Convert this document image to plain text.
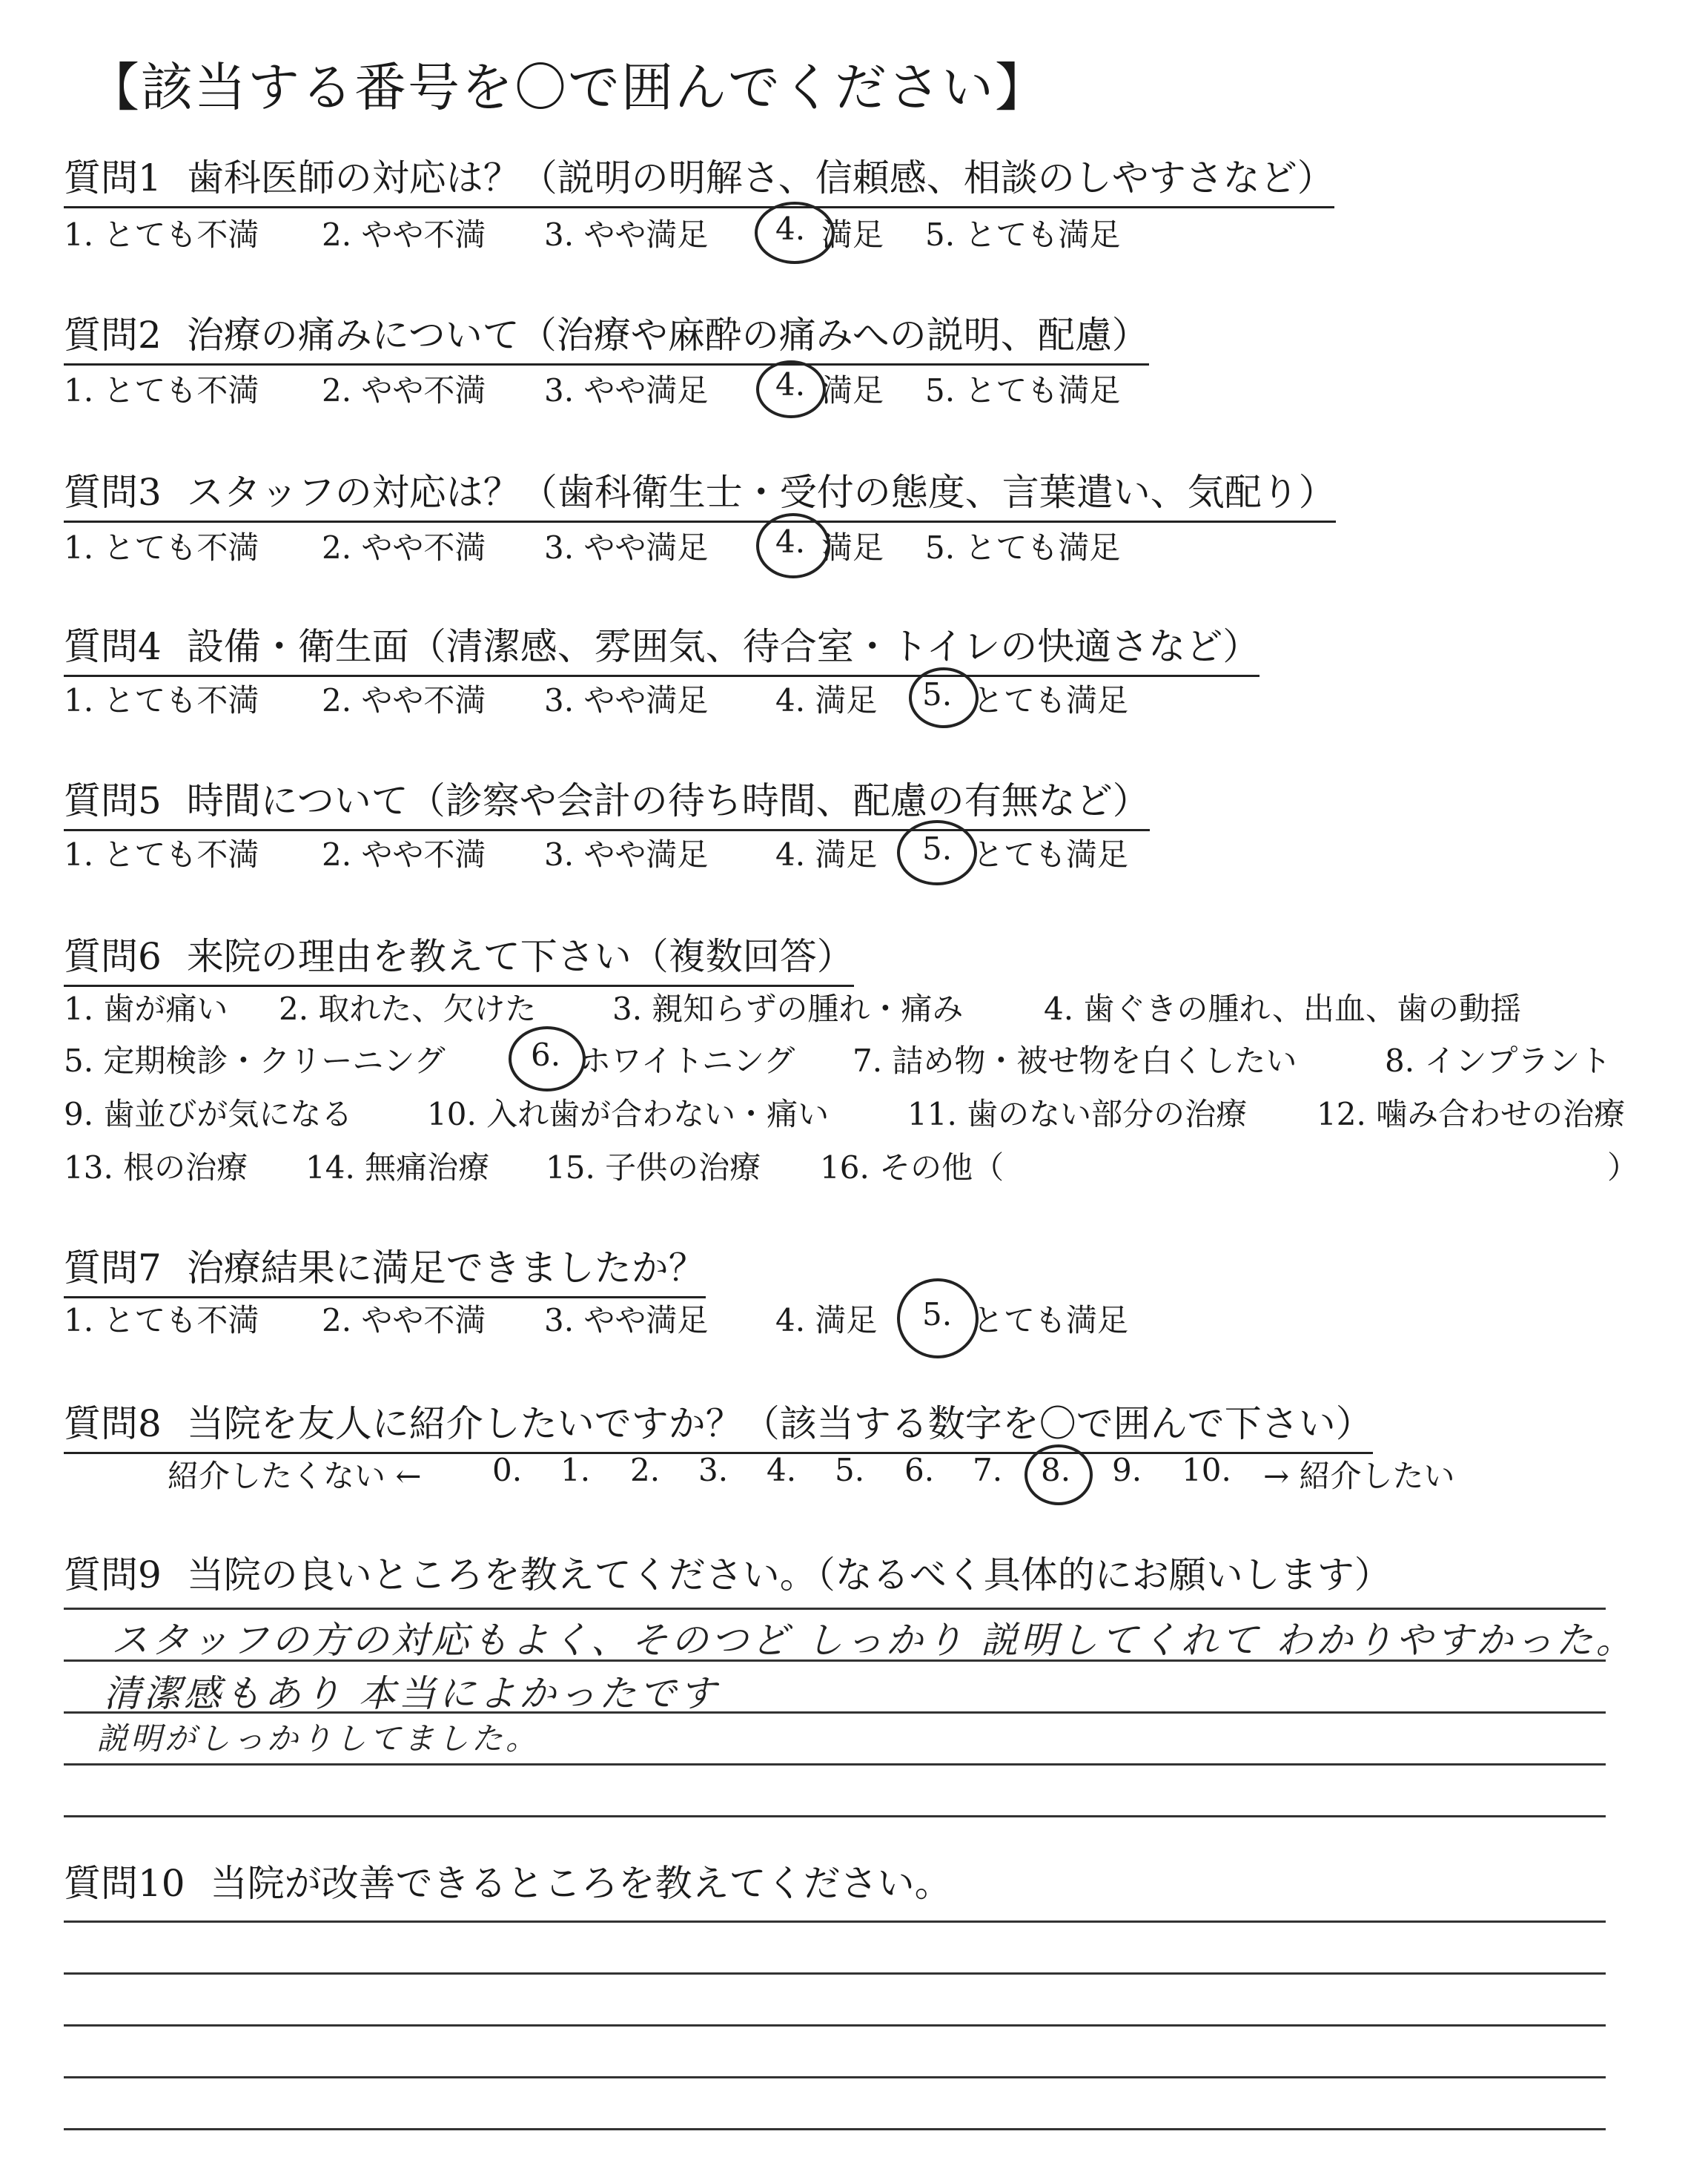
【該当する番号を〇で囲んでください】
質問1 歯科医師の対応は？（説明の明解さ、信頼感、相談のしやすさなど）
1. とても不満 2. やや不満 3. やや満足 4. 満足 5. とても満足
質問2 治療の痛みについて（治療や麻酔の痛みへの説明、配慮）
1. とても不満 2. やや不満 3. やや満足 4. 満足 5. とても満足
質問3 スタッフの対応は？（歯科衛生士・受付の態度、言葉遣い、気配り）
1. とても不満 2. やや不満 3. やや満足 4. 満足 5. とても満足
質問4 設備・衛生面（清潔感、雰囲気、待合室・トイレの快適さなど）
1. とても不満 2. やや不満 3. やや満足 4. 満足 5. とても満足
質問5 時間について（診察や会計の待ち時間、配慮の有無など）
1. とても不満 2. やや不満 3. やや満足 4. 満足 5. とても満足
質問6 来院の理由を教えて下さい（複数回答）
1. 歯が痛い 2. 取れた、欠けた 3. 親知らずの腫れ・痛み	4. 歯ぐきの腫れ、出血、歯の動揺
5. 定期検診・クリーニング	6. ホワイトニング 7. 詰め物・被せ物を白くしたい	8. インプラント
9. 歯並びが気になる 10. 入れ歯が合わない・痛い	11. 歯のない部分の治療 12. 噛み合わせの治療
13. 根の治療 14. 無痛治療 15. 子供の治療 16. その他（	）
質問7 治療結果に満足できましたか？
1. とても不満 2. やや不満 3. やや満足 4. 満足 5. とても満足
質問8 当院を友人に紹介したいですか？（該当する数字を〇で囲んで下さい）
紹介したくない ← 0. 1. 2. 3. 4. 5. 6. 7. 8. 9. 10. → 紹介したい
質問9 当院の良いところを教えてください。（なるべく具体的にお願いします）
スタッフの方の対応もよく、そのつど しっかり 説明してくれて わかりやすかった。
清潔感もあり 本当によかったです
説明がしっかりしてました。
質問10 当院が改善できるところを教えてください。
